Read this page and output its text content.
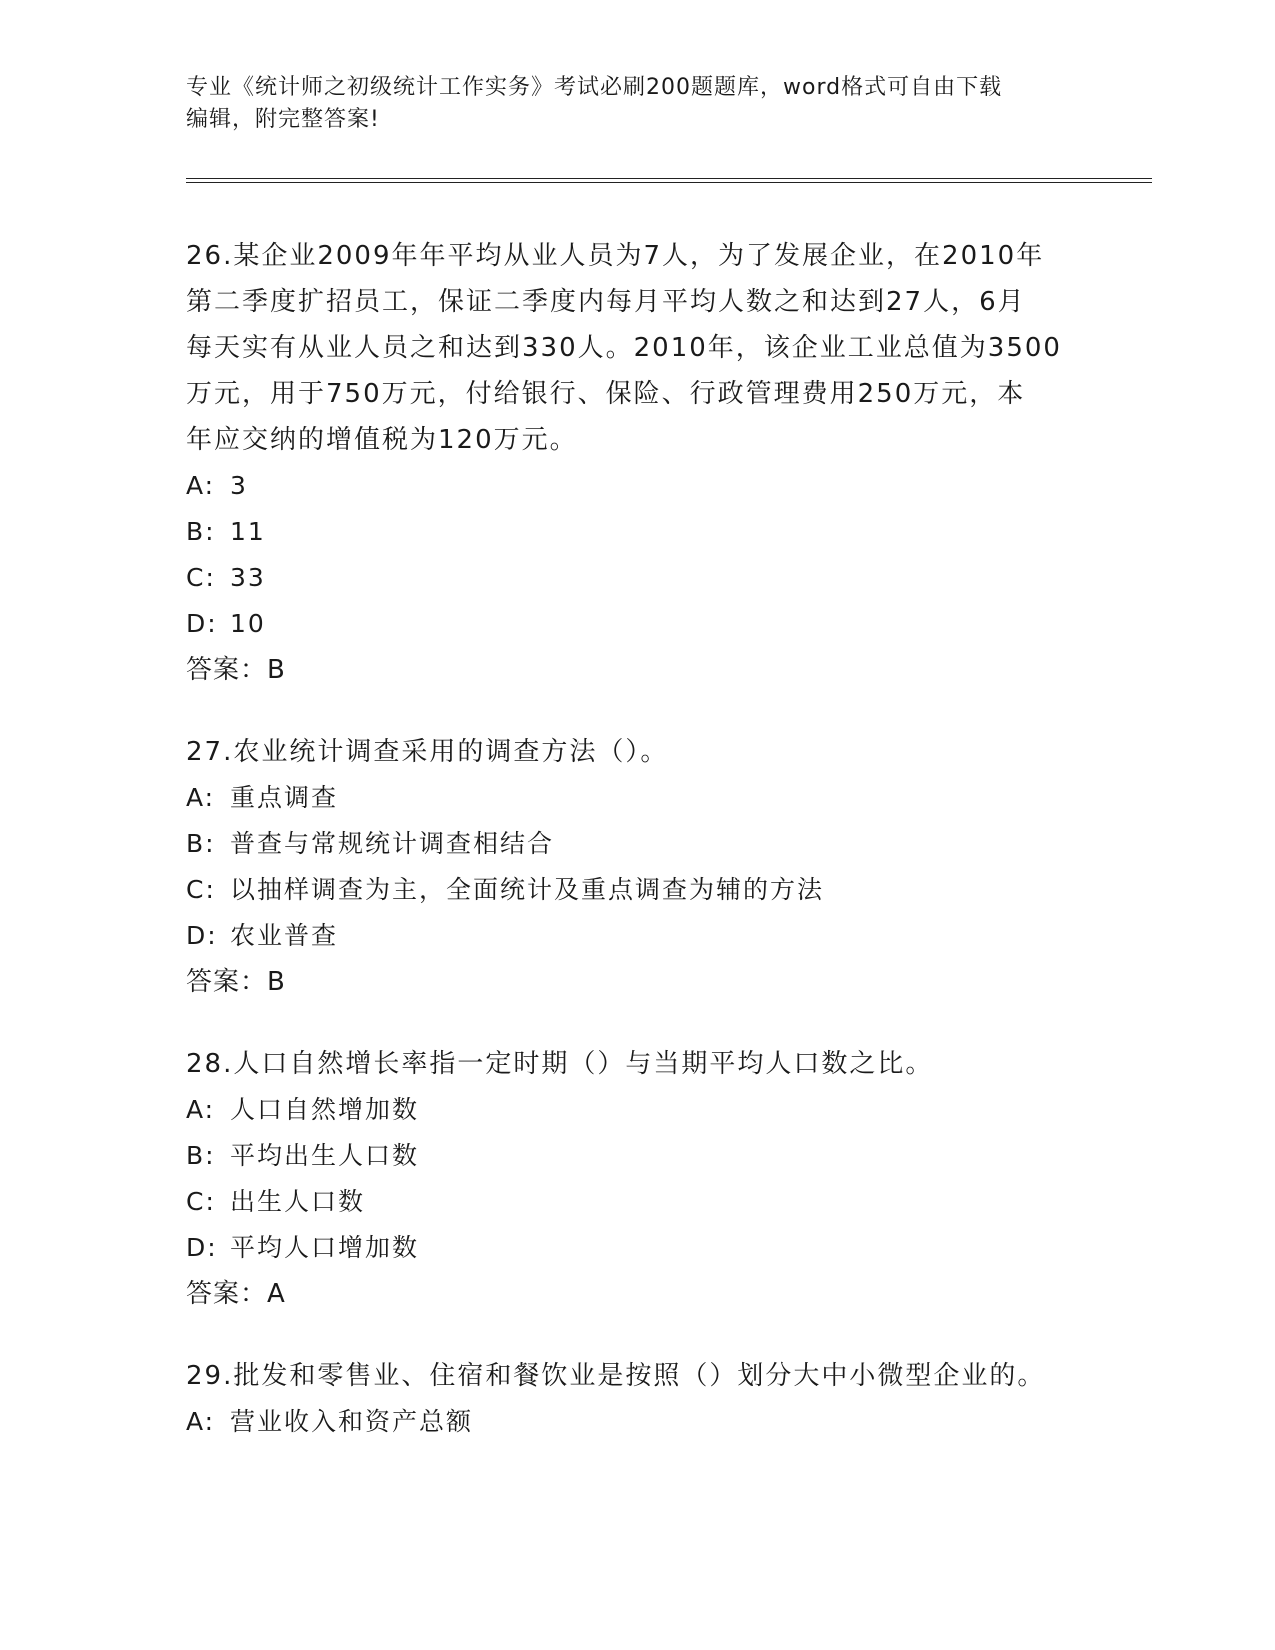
专业《统计师之初级统计工作实务》考试必刷200题题库，word格式可自由下载
编辑，附完整答案!
26.某企业2009年年平均从业人员为7人，为了发展企业，在2010年
第二季度扩招员工，保证二季度内每月平均人数之和达到27人，6月
每天实有从业人员之和达到330人。2010年，该企业工业总值为3500
万元，用于750万元，付给银行、保险、行政管理费用250万元，本
年应交纳的增值税为120万元。
A: 3
B: 11
C: 33
D: 10
答案：B
27.农业统计调查采用的调查方法（）。
A: 重点调查
B: 普查与常规统计调查相结合
C: 以抽样调查为主，全面统计及重点调查为辅的方法
D: 农业普查
答案：B
28.人口自然增长率指一定时期（）与当期平均人口数之比。
A: 人口自然增加数
B: 平均出生人口数
C: 出生人口数
D: 平均人口增加数
答案：A
29.批发和零售业、住宿和餐饮业是按照（）划分大中小微型企业的。
A: 营业收入和资产总额
